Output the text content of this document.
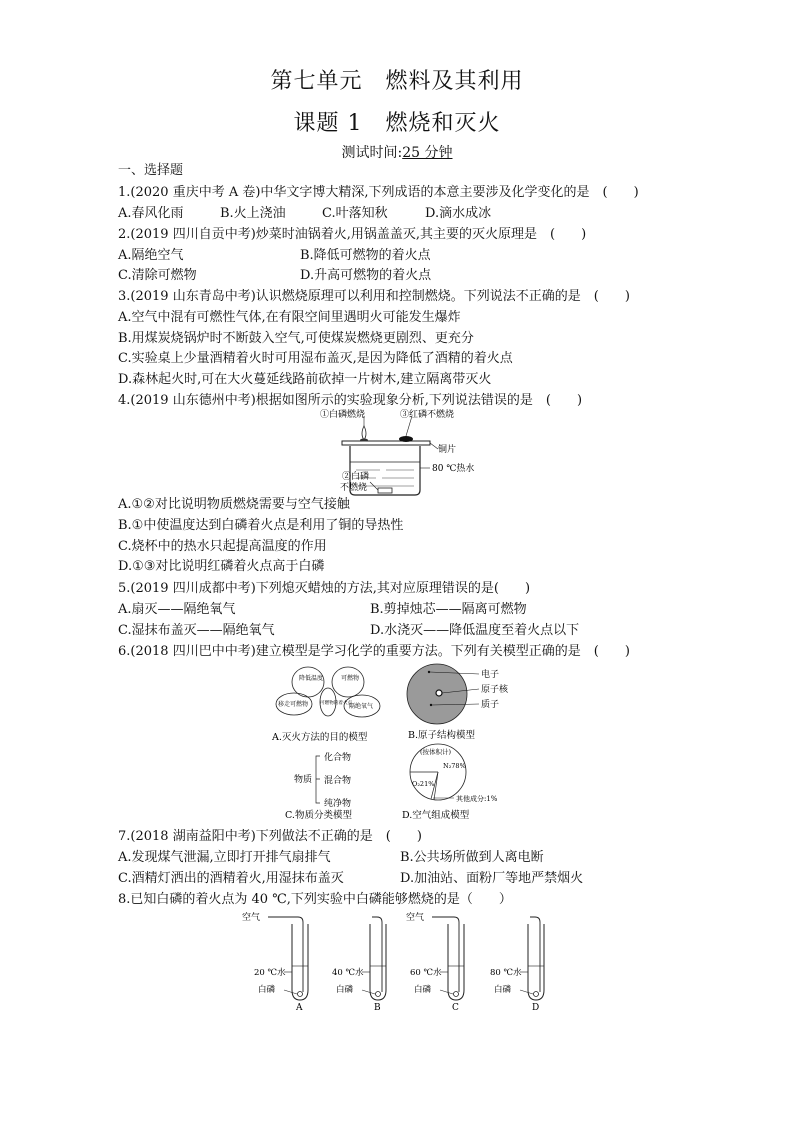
第七单元　燃料及其利用
课题 1　燃烧和灭火
测试时间:25 分钟
一、选择题
1.(2020 重庆中考 A 卷)中华文字博大精深,下列成语的本意主要涉及化学变化的是　(　　)
A.春风化雨	B.火上浇油	C.叶落知秋	D.滴水成冰
2.(2019 四川自贡中考)炒菜时油锅着火,用锅盖盖灭,其主要的灭火原理是　(　　)
A.隔绝空气	B.降低可燃物的着火点
C.清除可燃物	D.升高可燃物的着火点
3.(2019 山东青岛中考)认识燃烧原理可以利用和控制燃烧。下列说法不正确的是　(　　)
A.空气中混有可燃性气体,在有限空间里遇明火可能发生爆炸
B.用煤炭烧锅炉时不断鼓入空气,可使煤炭燃烧更剧烈、更充分
C.实验桌上少量酒精着火时可用湿布盖灭,是因为降低了酒精的着火点
D.森林起火时,可在大火蔓延线路前砍掉一片树木,建立隔离带灭火
4.(2019 山东德州中考)根据如图所示的实验现象分析,下列说法错误的是　(　　)
①白磷燃烧	③红磷不燃烧
铜片
80 ℃热水
②白磷
不燃烧
A.①②对比说明物质燃烧需要与空气接触
B.①中使温度达到白磷着火点是利用了铜的导热性
C.烧杯中的热水只起提高温度的作用
D.①③对比说明红磷着火点高于白磷
5.(2019 四川成都中考)下列熄灭蜡烛的方法,其对应原理错误的是(　　)
A.扇灭——隔绝氧气	B.剪掉烛芯——隔离可燃物
C.湿抹布盖灭——隔绝氧气	D.水浇灭——降低温度至着火点以下
6.(2018 四川巴中中考)建立模型是学习化学的重要方法。下列有关模型正确的是　(　　)
降低温度	可燃物
隔绝氧气
移走可燃物	可燃物的着火点
A.灭火方法的目的模型
电子
原子核
质子
B.原子结构模型
物质
化合物
混合物
纯净物
C.物质分类模型
(按体积计)
N₂78%
O₂21%
其他成分:1%
D.空气组成模型
7.(2018 湖南益阳中考)下列做法不正确的是　(　　)
A.发现煤气泄漏,立即打开排气扇排气	B.公共场所做到人离电断
C.酒精灯洒出的酒精着火,用湿抹布盖灭	D.加油站、面粉厂等地严禁烟火
8.已知白磷的着火点为 40 ℃,下列实验中白磷能够燃烧的是（　　）
空气
20 ℃水
白磷
A
40 ℃水
白磷
B
空气
60 ℃水
白磷
C
80 ℃水
白磷
D
